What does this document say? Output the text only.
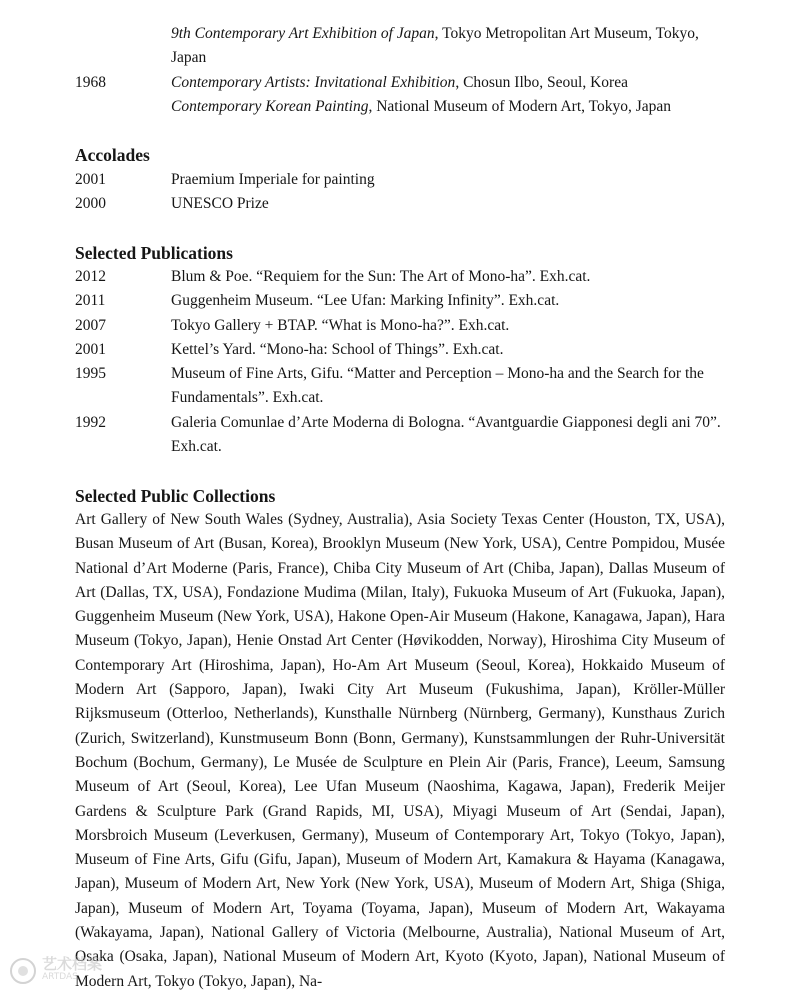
9th Contemporary Art Exhibition of Japan, Tokyo Metropolitan Art Museum, Tokyo,
Japan
1968	Contemporary Artists: Invitational Exhibition, Chosun Ilbo, Seoul, Korea
Contemporary Korean Painting, National Museum of Modern Art, Tokyo, Japan
Accolades
2001	Praemium Imperiale for painting
2000	UNESCO Prize
Selected Publications
2012	Blum & Poe. “Requiem for the Sun: The Art of Mono-ha”. Exh.cat.
2011	Guggenheim Museum. “Lee Ufan: Marking Infinity”. Exh.cat.
2007	Tokyo Gallery + BTAP. “What is Mono-ha?”. Exh.cat.
2001	Kettel’s Yard. “Mono-ha: School of Things”. Exh.cat.
1995	Museum of Fine Arts, Gifu. “Matter and Perception – Mono-ha and the Search for the Fundamentals”. Exh.cat.
1992	Galeria Comunlae d’Arte Moderna di Bologna. “Avantguardie Giapponesi degli ani 70”. Exh.cat.
Selected Public Collections
Art Gallery of New South Wales (Sydney, Australia), Asia Society Texas Center (Houston, TX, USA), Busan Museum of Art (Busan, Korea), Brooklyn Museum (New York, USA), Centre Pompidou, Musée National d’Art Moderne (Paris, France), Chiba City Museum of Art (Chiba, Japan), Dallas Museum of Art (Dallas, TX, USA), Fondazione Mudima (Milan, Italy), Fukuoka Museum of Art (Fukuoka, Japan), Guggenheim Museum (New York, USA), Hakone Open-Air Museum (Hakone, Kanagawa, Japan), Hara Museum (Tokyo, Japan), Henie Onstad Art Center (Høvikodden, Norway), Hiroshima City Museum of Contemporary Art (Hiroshima, Japan), Ho-Am Art Museum (Seoul, Korea), Hokkaido Museum of Modern Art (Sapporo, Japan), Iwaki City Art Museum (Fukushima, Japan), Kröller-Müller Rijksmuseum (Otterloo, Netherlands), Kunsthalle Nürnberg (Nürnberg, Germany), Kunsthaus Zurich (Zurich, Switzerland), Kunstmuseum Bonn (Bonn, Germany), Kunstsammlungen der Ruhr-Universität Bochum (Bochum, Germany), Le Musée de Sculpture en Plein Air (Paris, France), Leeum, Samsung Museum of Art (Seoul, Korea), Lee Ufan Museum (Naoshima, Kagawa, Japan), Frederik Meijer Gardens & Sculpture Park (Grand Rapids, MI, USA), Miyagi Museum of Art (Sendai, Japan), Morsbroich Museum (Leverkusen, Germany), Museum of Contemporary Art, Tokyo (Tokyo, Japan), Museum of Fine Arts, Gifu (Gifu, Japan), Museum of Modern Art, Kamakura & Hayama (Kanagawa, Japan), Museum of Modern Art, New York (New York, USA), Museum of Modern Art, Shiga (Shiga, Japan), Museum of Modern Art, Toyama (Toyama, Japan), Museum of Modern Art, Wakayama (Wakayama, Japan), National Gallery of Victoria (Melbourne, Australia), National Museum of Art, Osaka (Osaka, Japan), National Museum of Modern Art, Kyoto (Kyoto, Japan), National Museum of Modern Art, Tokyo (Tokyo, Japan), Na-
艺术档案
ARTDAS
